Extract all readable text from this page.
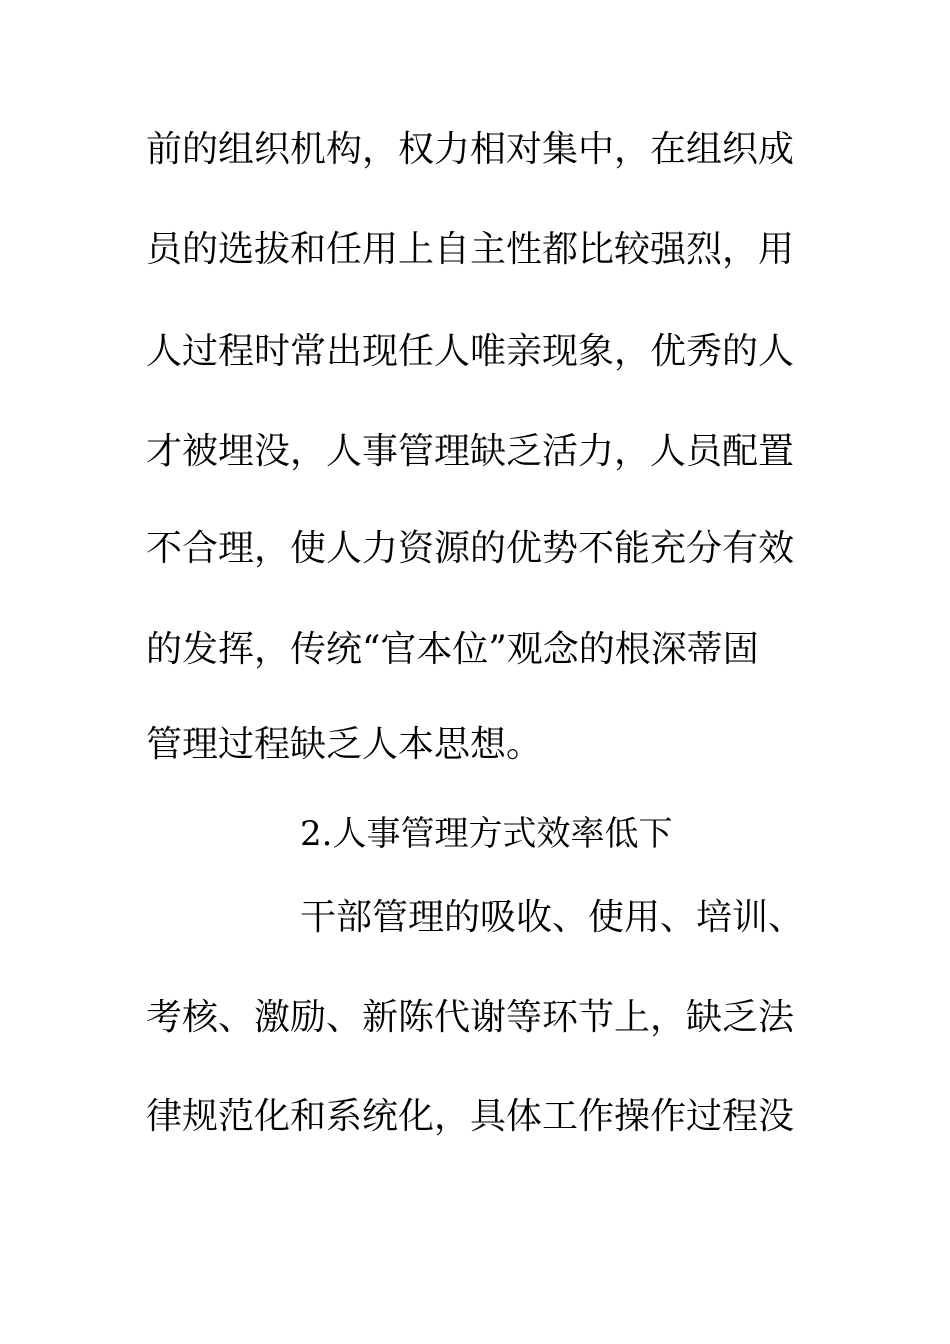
前的组织机构，权力相对集中，在组织成
员的选拔和任用上自主性都比较强烈，用
人过程时常出现任人唯亲现象，优秀的人
才被埋没，人事管理缺乏活力，人员配置
不合理，使人力资源的优势不能充分有效
的发挥，传统“官本位”观念的根深蒂固
管理过程缺乏人本思想。
2.人事管理方式效率低下
干部管理的吸收、使用、培训、
考核、激励、新陈代谢等环节上，缺乏法
律规范化和系统化，具体工作操作过程没
